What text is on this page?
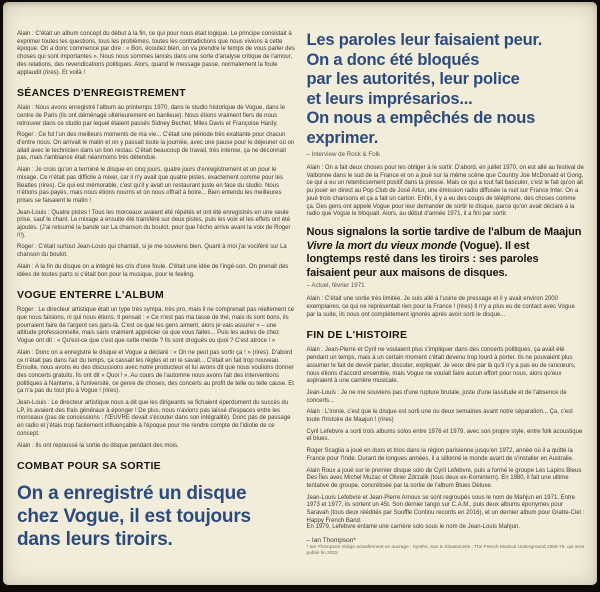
Alain : C'était un album concept du début à la fin, ce qui pour nous était logique. Le principe consistait à exprimer toutes les questions, tous les problèmes, toutes les contradictions que nous vivions à cette époque. On a donc commencé par dire : « Bon, écoutez bien, on va prendre le temps de vous parler des choses qui sont importantes ». Nous nous sommes lancés dans une sorte d'analyse critique de l'amour, des relations, des revendications politiques. Alors, quand le message passe, normalement la foule applaudit (rires). Et voilà !

SÉANCES D'ENREGISTREMENT

Alain : Nous avons enregistré l'album au printemps 1970, dans le studio historique de Vogue, dans le centre de Paris (ils ont déménagé ultérieurement en banlieue). Nous étions vraiment fiers de nous retrouver dans ce studio par lequel étaient passés Sidney Bechet, Miles Davis et Françoise Hardy.

Roger : Ce fut l'un des meilleurs moments de ma vie... C'était une période très exaltante pour chacun d'entre nous. On arrivait le matin et on y passait toute la journée, avec une pause pour le déjeuner où on allait avec le technicien dans un bon restau. C'était beaucoup de travail, très intense, ça ne déconnait pas, mais l'ambiance était néanmoins très détendue.

Alain : Je crois qu'on a terminé le disque en cinq jours, quatre jours d'enregistrement et un pour le mixage. Ce n'était pas difficile à mixer, car il n'y avait que quatre pistes, exactement comme pour les Beatles (rires). Ce qui est mémorable, c'est qu'il y avait un restaurant juste en face du studio. Nous n'étions pas payés, mais nous étions nourris et on nous offrait à boire... Bien entendu les meilleures prises se faisaient le matin !

Jean-Louis : Quatre pistes ! Tous les morceaux avaient été répétés et ont été enregistrés en une seule prise, sauf le chant. Le mixage a ensuite été transféré sur deux pistes, puis les voix et les effets ont été ajoutés. (J'ai retourné la bande sur La chanson du boulot, pour que l'écho arrive avant la voix de Roger !!!).

Roger : C'était surtout Jean-Louis qui chantait, si je me souviens bien. Quant à moi j'ai vociféré sur La chanson du boulot.

Alain : A la fin du disque on a intégré les cris d'une foule. C'était une idée de l'ingé-son. On prenait des idées de toutes parts si c'était bon pour la musique, pour le feeling.

VOGUE ENTERRE L'ALBUM

Roger : Le directeur artistique était un type très sympa, très pro, mais il ne comprenait pas réellement ce que nous faisions, ni qui nous étions. Il pensait : « Ce n'est pas ma tasse de thé, mais ils sont bons, ils pourraient faire de l'argent ces gars-là. C'est ce que les gens aiment, alors je vais assurer » – une attitude professionnelle, mais sans vraiment apprécier ce que vous faites... Puis les autres de chez Vogue ont dit : « Qu'est-ce que c'est que cette merde ? Ils sont drogués ou quoi ? C'est atroce ! »

Alain : Donc on a enregistré le disque et Vogue a déclaré : « On ne peut pas sortir ça ! » (rires). D'abord ce n'était pas dans l'air du temps, ça cassait les règles et on le savait... C'était en fait trop nouveau. Ensuite, nous avons eu des discussions avec notre producteur et lui avons dit que nous voulions donner des concerts gratuits. Ils ont dit « Quoi ! ». Au cours de l'automne nous avons fait des interventions politiques à Nanterre, à l'université, ce genre de choses, des concerts au profit de telle ou telle cause. Et ça n'a pas du tout plu à Vogue ! (rires).

Jean-Louis : Le directeur artistique nous a dit que les dirigeants se fichaient éperdument du succès du LP, ils avaient des frais généraux à éponger ! De plus, nous n'avions pas laissé d'espaces entre les morceaux (pas de concessions : l'ŒUVRE devait s'écouter dans son intégralité). Donc pas de passage en radio et j'étais trop facilement influençable à l'époque pour me rendre compte de l'idiotie de ce concept.

Alain : Ils ont repoussé la sortie du disque pendant des mois.

COMBAT POUR SA SORTIE
On a enregistré un disque
chez Vogue, il est toujours
dans leurs tiroirs.
Les paroles leur faisaient peur.
On a donc été bloqués
par les autorités, leur police
et leurs imprésarios...
On nous a empêchés de nous
exprimer.
– Interview de Rock & Folk

Alain : On a fait deux choses pour les obliger à le sortir. D'abord, en juillet 1970, on est allé au festival de Valbonne dans le sud de la France et on a joué sur la même scène que Country Joe McDonald et Gong, ce qui a eu un retentissement positif dans la presse. Mais ce qui a tout fait basculer, c'est le fait qu'on ait pu jouer en direct au Pop Club de José Artur, une émission radio diffusée la nuit sur France Inter. On a joué trois chansons et ça a fait un carton. Enfin, il y a eu des coups de téléphone, des choses comme ça. Des gens ont appelé Vogue pour leur demander de sortir le disque, parce qu'on avait déclaré à la radio que Vogue le bloquait. Alors, au début d'année 1971, il a fini par sortir.

Nous signalons la sortie tardive de l'album de Maajun Vivre la mort du vieux monde (Vogue). Il est longtemps resté dans les tiroirs : ses paroles faisaient peur aux maisons de disques.

– Actuel, février 1971

Alain : C'était une sortie très limitée. Je suis allé à l'usine de pressage et il y avait environ 2000 exemplaires, ce qui ne représentait rien pour la France ! (rires) Il n'y a plus eu de contact avec Vogue par la suite, ils nous ont complètement ignorés après avoir sorti le disque...

FIN DE L'HISTOIRE

Alain : Jean-Pierre et Cyril ne voulaient plus s'impliquer dans des concerts politiques, ça avait été pendant un temps, mais à un certain moment c'était devenu trop lourd à porter. Ils ne pouvaient plus assumer le fait de devoir parler, discuter, expliquer. Je veux dire par là qu'il n'y a pas eu de rancœurs, nous étions d'accord ensemble, mais Vogue ne voulait faire aucun effort pour nous, alors qu'eux aspiraient à une carrière musicale.

Jean-Louis : Je ne me souviens pas d'une rupture brutale, juste d'une lassitude et de l'absence de concerts...

Alain : L'ironie, c'est que le disque est sorti une ou deux semaines avant notre séparation... Ça, c'est toute l'histoire de Maajun ! (rires)

Cyril Lefebvre a sorti trois albums solos entre 1976 et 1979, avec son propre style, entre folk acoustique et blues.

Roger Scaglia a joué en duos et trios dans la région parisienne jusqu'en 1972, année où il a quitté la France pour l'Inde. Durant de longues années, il a sillonné le monde avant de s'installer en Australie.

Alain Roux a joué sur le premier disque solo de Cyril Lefebvre, puis a formé le groupe Les Lapins Bleus Des Îles avec Michel Muzac et Olivier Zdrzalik (tous deux ex-Komintern). En 1980, il fait une ultime tentative de groupe, concrétisée par la sortie de l'album Blues Deluxe.

Jean-Louis Lefebvre et Jean-Pierre Arnoux se sont regroupés sous le nom de Mahjun en 1971. Entre 1973 et 1977, ils sortent un 45t. Son dernier tango sur C.A.M., puis deux albums éponymes pour Saravah (tous deux réédités par Souffle Continu records en 2016), et un dernier album pour Gratte-Ciel : Happy French Band.

En 1979, Lefebvre entame une carrière solo sous le nom de Jean-Louis Mahjun.

– Ian Thompson*
* Ian Thompson rédige actuellement un ouvrage : Synths, Sax & Situationists : The French Musical Underground 1968-78, qui sera publié fin 2022.
